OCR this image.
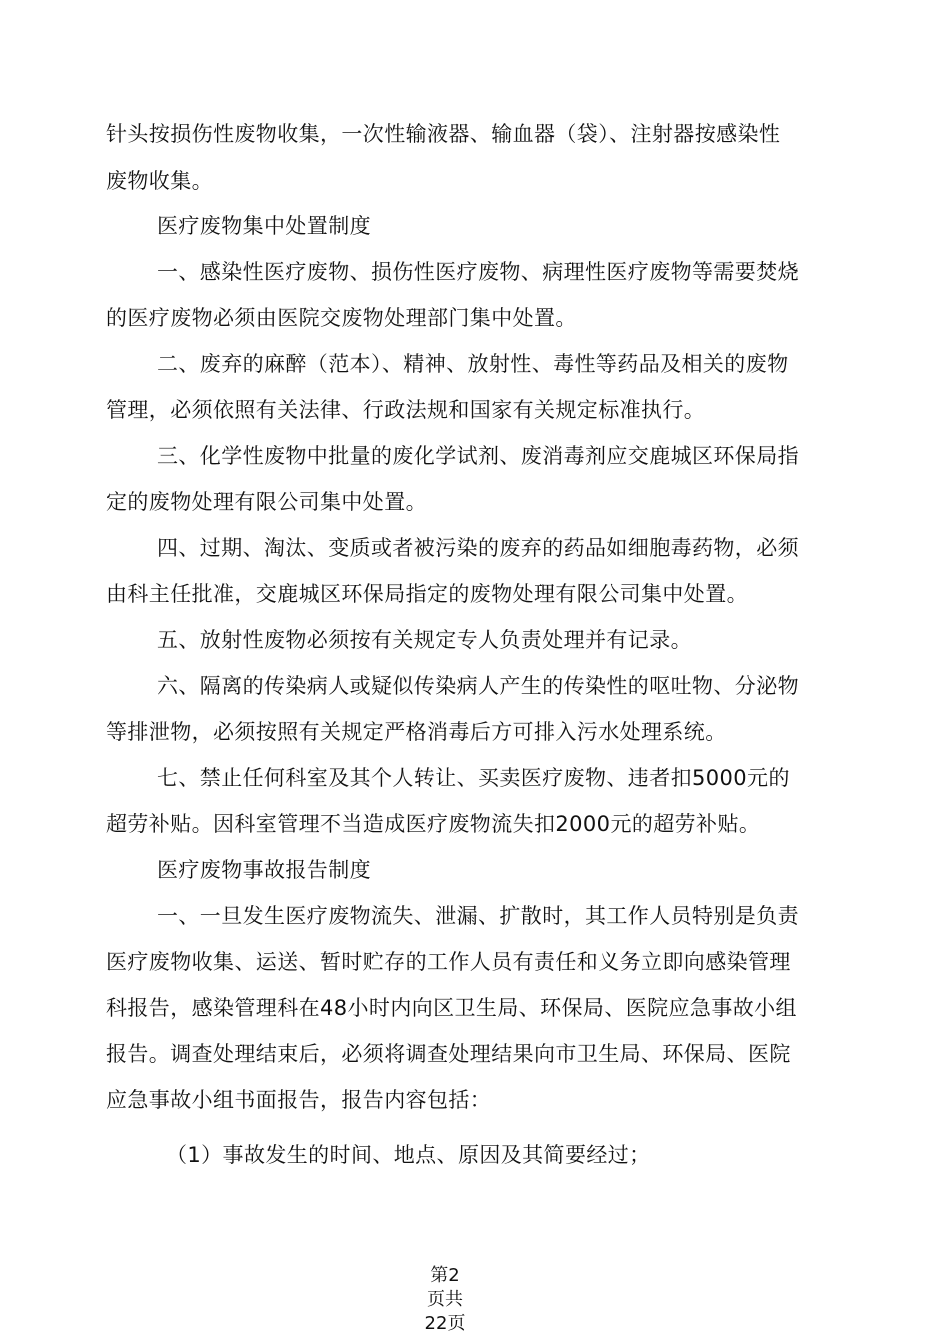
针头按损伤性废物收集，一次性输液器、输血器（袋）、注射器按感染性
废物收集。
医疗废物集中处置制度
一、感染性医疗废物、损伤性医疗废物、病理性医疗废物等需要焚烧
的医疗废物必须由医院交废物处理部门集中处置。
二、废弃的麻醉（范本）、精神、放射性、毒性等药品及相关的废物
管理，必须依照有关法律、行政法规和国家有关规定标准执行。
三、化学性废物中批量的废化学试剂、废消毒剂应交鹿城区环保局指
定的废物处理有限公司集中处置。
四、过期、淘汰、变质或者被污染的废弃的药品如细胞毒药物，必须
由科主任批准，交鹿城区环保局指定的废物处理有限公司集中处置。
五、放射性废物必须按有关规定专人负责处理并有记录。
六、隔离的传染病人或疑似传染病人产生的传染性的呕吐物、分泌物
等排泄物，必须按照有关规定严格消毒后方可排入污水处理系统。
七、禁止任何科室及其个人转让、买卖医疗废物、违者扣5000元的
超劳补贴。因科室管理不当造成医疗废物流失扣2000元的超劳补贴。
医疗废物事故报告制度
一、一旦发生医疗废物流失、泄漏、扩散时，其工作人员特别是负责
医疗废物收集、运送、暂时贮存的工作人员有责任和义务立即向感染管理
科报告，感染管理科在48小时内向区卫生局、环保局、医院应急事故小组
报告。调查处理结束后，必须将调查处理结果向市卫生局、环保局、医院
应急事故小组书面报告，报告内容包括：
（1）事故发生的时间、地点、原因及其简要经过；
第2
页共
22页
